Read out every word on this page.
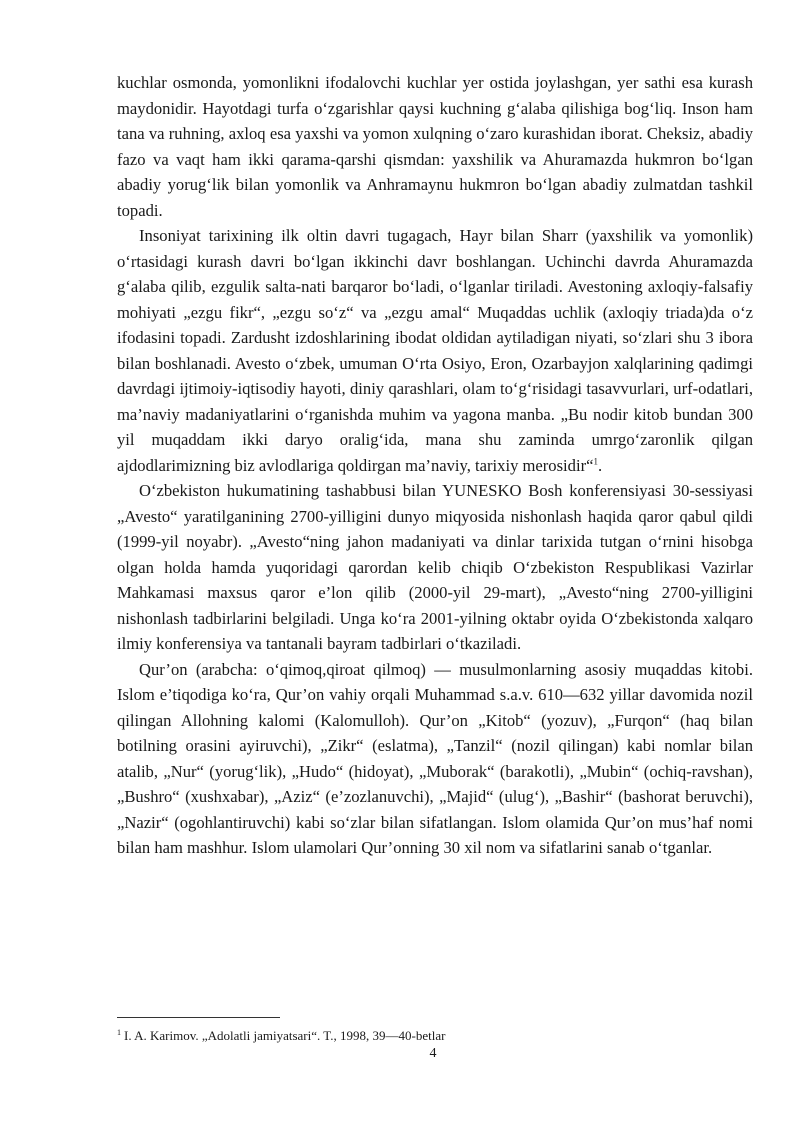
kuchlar osmonda, yomonlikni ifodalovchi kuchlar yer ostida joylashgan, yer sathi esa kurash maydonidir. Hayotdagi turfa o‘zgarishlar qaysi kuchning g‘alaba qilishiga bog‘liq. Inson ham tana va ruhning, axloq esa yaxshi va yomon xulqning o‘zaro kurashidan iborat. Cheksiz, abadiy fazo va vaqt ham ikki qarama-qarshi qismdan: yaxshilik va Ahuramazda hukmron bo‘lgan abadiy yorug‘lik bilan yomonlik va Anhramaynu hukmron bo‘lgan abadiy zulmatdan tashkil topadi.

Insoniyat tarixining ilk oltin davri tugagach, Hayr bilan Sharr (yaxshilik va yomonlik) o‘rtasidagi kurash davri bo‘lgan ikkinchi davr boshlangan. Uchinchi davrda Ahuramazda g‘alaba qilib, ezgulik salta-nati barqaror bo‘ladi, o‘lganlar tiriladi. Avestoning axloqiy-falsafiy mohiyati „ezgu fikr“, „ezgu so‘z“ va „ezgu amal“ Muqaddas uchlik (axloqiy triada)da o‘z ifodasini topadi. Zardusht izdoshlarining ibodat oldidan aytiladigan niyati, so‘zlari shu 3 ibora bilan boshlanadi. Avesto o‘zbek, umuman O‘rta Osiyo, Eron, Ozarbayjon xalqlarining qadimgi davrdagi ijtimoiy-iqtisodiy hayoti, diniy qarashlari, olam to‘g‘risidagi tasavvurlari, urf-odatlari, ma’naviy madaniyatlarini o‘rganishda muhim va yagona manba. „Bu nodir kitob bundan 300 yil muqaddam ikki daryo oralig‘ida, mana shu zaminda umrgo‘zaronlik qilgan ajdodlarimizning biz avlodlariga qoldirgan ma’naviy, tarixiy merosidir“$^1$.

O‘zbekiston hukumatining tashabbusi bilan YUNESKO Bosh konferensiyasi 30-sessiyasi „Avesto“ yaratilganining 2700-yilligini dunyo miqyosida nishonlash haqida qaror qabul qildi (1999-yil noyabr). „Avesto“ning jahon madaniyati va dinlar tarixida tutgan o‘rnini hisobga olgan holda hamda yuqoridagi qarordan kelib chiqib O‘zbekiston Respublikasi Vazirlar Mahkamasi maxsus qaror e’lon qilib (2000-yil 29-mart), „Avesto“ning 2700-yilligini nishonlash tadbirlarini belgiladi. Unga ko‘ra 2001-yilning oktabr oyida O‘zbekistonda xalqaro ilmiy konferensiya va tantanali bayram tadbirlari o‘tkaziladi.

Qur’on (arabcha: o‘qimoq,qiroat qilmoq) — musulmonlarning asosiy muqaddas kitobi. Islom e’tiqodiga ko‘ra, Qur’on vahiy orqali Muhammad s.a.v. 610—632 yillar davomida nozil qilingan Allohning kalomi (Kalomulloh). Qur’on „Kitob“ (yozuv), „Furqon“ (haq bilan botilning orasini ayiruvchi), „Zikr“ (eslatma), „Tanzil“ (nozil qilingan) kabi nomlar bilan atalib, „Nur“ (yorug‘lik), „Hudo“ (hidoyat), „Muborak“ (barakotli), „Mubin“ (ochiq-ravshan), „Bushro“ (xushxabar), „Aziz“ (e’zozlanuvchi), „Majid“ (ulug‘), „Bashir“ (bashorat beruvchi), „Nazir“ (ogohlantiruvchi) kabi so‘zlar bilan sifatlangan. Islom olamida Qur’on mus’haf nomi bilan ham mashhur. Islom ulamolari Qur’onning 30 xil nom va sifatlarini sanab o‘tganlar.

$^1$ I. A. Karimov. „Adolatli jamiyatsari“. T., 1998, 39—40-betlar
4
